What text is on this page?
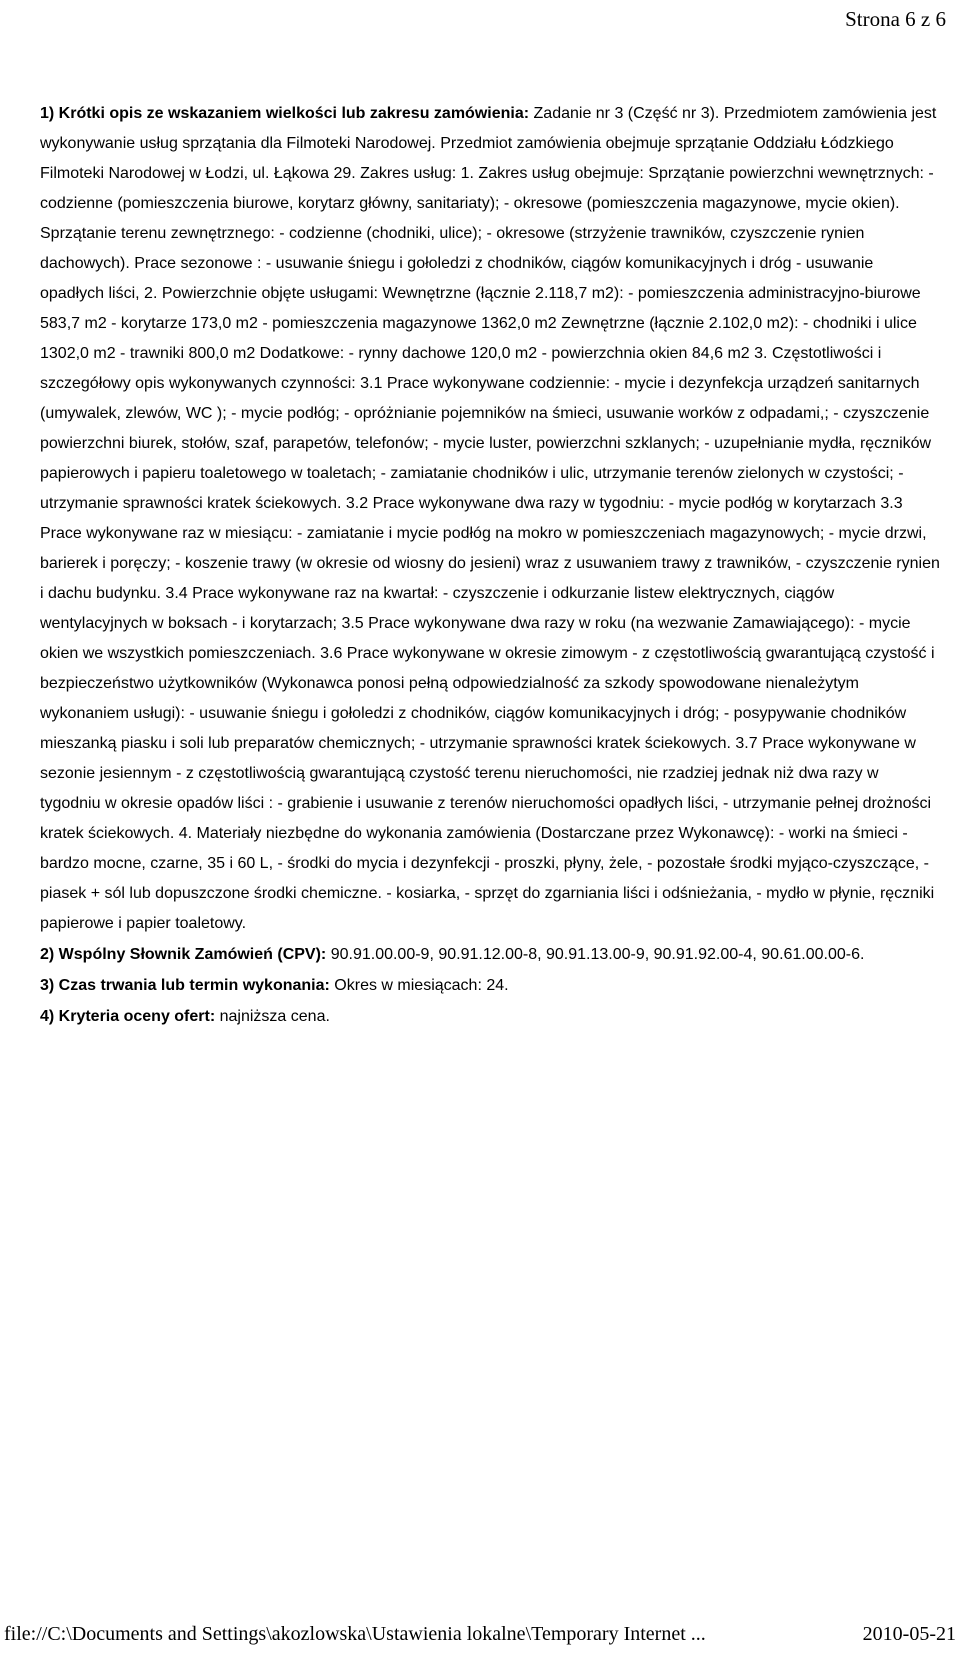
Strona 6 z 6

1) Krótki opis ze wskazaniem wielkości lub zakresu zamówienia: Zadanie nr 3 (Część nr 3). Przedmiotem zamówienia jest wykonywanie usług sprzątania dla Filmoteki Narodowej. Przedmiot zamówienia obejmuje sprzątanie Oddziału Łódzkiego Filmoteki Narodowej w Łodzi, ul. Łąkowa 29. Zakres usług: 1. Zakres usług obejmuje: Sprzątanie powierzchni wewnętrznych: - codzienne (pomieszczenia biurowe, korytarz główny, sanitariaty); - okresowe (pomieszczenia magazynowe, mycie okien). Sprzątanie terenu zewnętrznego: - codzienne (chodniki, ulice); - okresowe (strzyżenie trawników, czyszczenie rynien dachowych). Prace sezonowe : - usuwanie śniegu i gołoledzi z chodników, ciągów komunikacyjnych i dróg - usuwanie opadłych liści, 2. Powierzchnie objęte usługami: Wewnętrzne (łącznie 2.118,7 m2): - pomieszczenia administracyjno-biurowe 583,7 m2 - korytarze 173,0 m2 - pomieszczenia magazynowe 1362,0 m2 Zewnętrzne (łącznie 2.102,0 m2): - chodniki i ulice 1302,0 m2 - trawniki 800,0 m2 Dodatkowe: - rynny dachowe 120,0 m2 - powierzchnia okien 84,6 m2 3. Częstotliwości i szczegółowy opis wykonywanych czynności: 3.1 Prace wykonywane codziennie: - mycie i dezynfekcja urządzeń sanitarnych (umywalek, zlewów, WC ); - mycie podłóg; - opróżnianie pojemników na śmieci, usuwanie worków z odpadami,; - czyszczenie powierzchni biurek, stołów, szaf, parapetów, telefonów; - mycie luster, powierzchni szklanych; - uzupełnianie mydła, ręczników papierowych i papieru toaletowego w toaletach; - zamiatanie chodników i ulic, utrzymanie terenów zielonych w czystości; - utrzymanie sprawności kratek ściekowych. 3.2 Prace wykonywane dwa razy w tygodniu: - mycie podłóg w korytarzach 3.3 Prace wykonywane raz w miesiącu: - zamiatanie i mycie podłóg na mokro w pomieszczeniach magazynowych; - mycie drzwi, barierek i poręczy; - koszenie trawy (w okresie od wiosny do jesieni) wraz z usuwaniem trawy z trawników, - czyszczenie rynien i dachu budynku. 3.4 Prace wykonywane raz na kwartał: - czyszczenie i odkurzanie listew elektrycznych, ciągów wentylacyjnych w boksach - i korytarzach; 3.5 Prace wykonywane dwa razy w roku (na wezwanie Zamawiającego): - mycie okien we wszystkich pomieszczeniach. 3.6 Prace wykonywane w okresie zimowym - z częstotliwością gwarantującą czystość i bezpieczeństwo użytkowników (Wykonawca ponosi pełną odpowiedzialność za szkody spowodowane nienależytym wykonaniem usługi): - usuwanie śniegu i gołoledzi z chodników, ciągów komunikacyjnych i dróg; - posypywanie chodników mieszanką piasku i soli lub preparatów chemicznych; - utrzymanie sprawności kratek ściekowych. 3.7 Prace wykonywane w sezonie jesiennym - z częstotliwością gwarantującą czystość terenu nieruchomości, nie rzadziej jednak niż dwa razy w tygodniu w okresie opadów liści : - grabienie i usuwanie z terenów nieruchomości opadłych liści, - utrzymanie pełnej drożności kratek ściekowych. 4. Materiały niezbędne do wykonania zamówienia (Dostarczane przez Wykonawcę): - worki na śmieci - bardzo mocne, czarne, 35 i 60 L, - środki do mycia i dezynfekcji - proszki, płyny, żele, - pozostałe środki myjąco-czyszczące, - piasek + sól lub dopuszczone środki chemiczne. - kosiarka, - sprzęt do zgarniania liści i odśnieżania, - mydło w płynie, ręczniki papierowe i papier toaletowy.

2) Wspólny Słownik Zamówień (CPV): 90.91.00.00-9, 90.91.12.00-8, 90.91.13.00-9, 90.91.92.00-4, 90.61.00.00-6.

3) Czas trwania lub termin wykonania: Okres w miesiącach: 24.

4) Kryteria oceny ofert: najniższa cena.

file://C:\Documents and Settings\akozlowska\Ustawienia lokalne\Temporary Internet ...	2010-05-21
